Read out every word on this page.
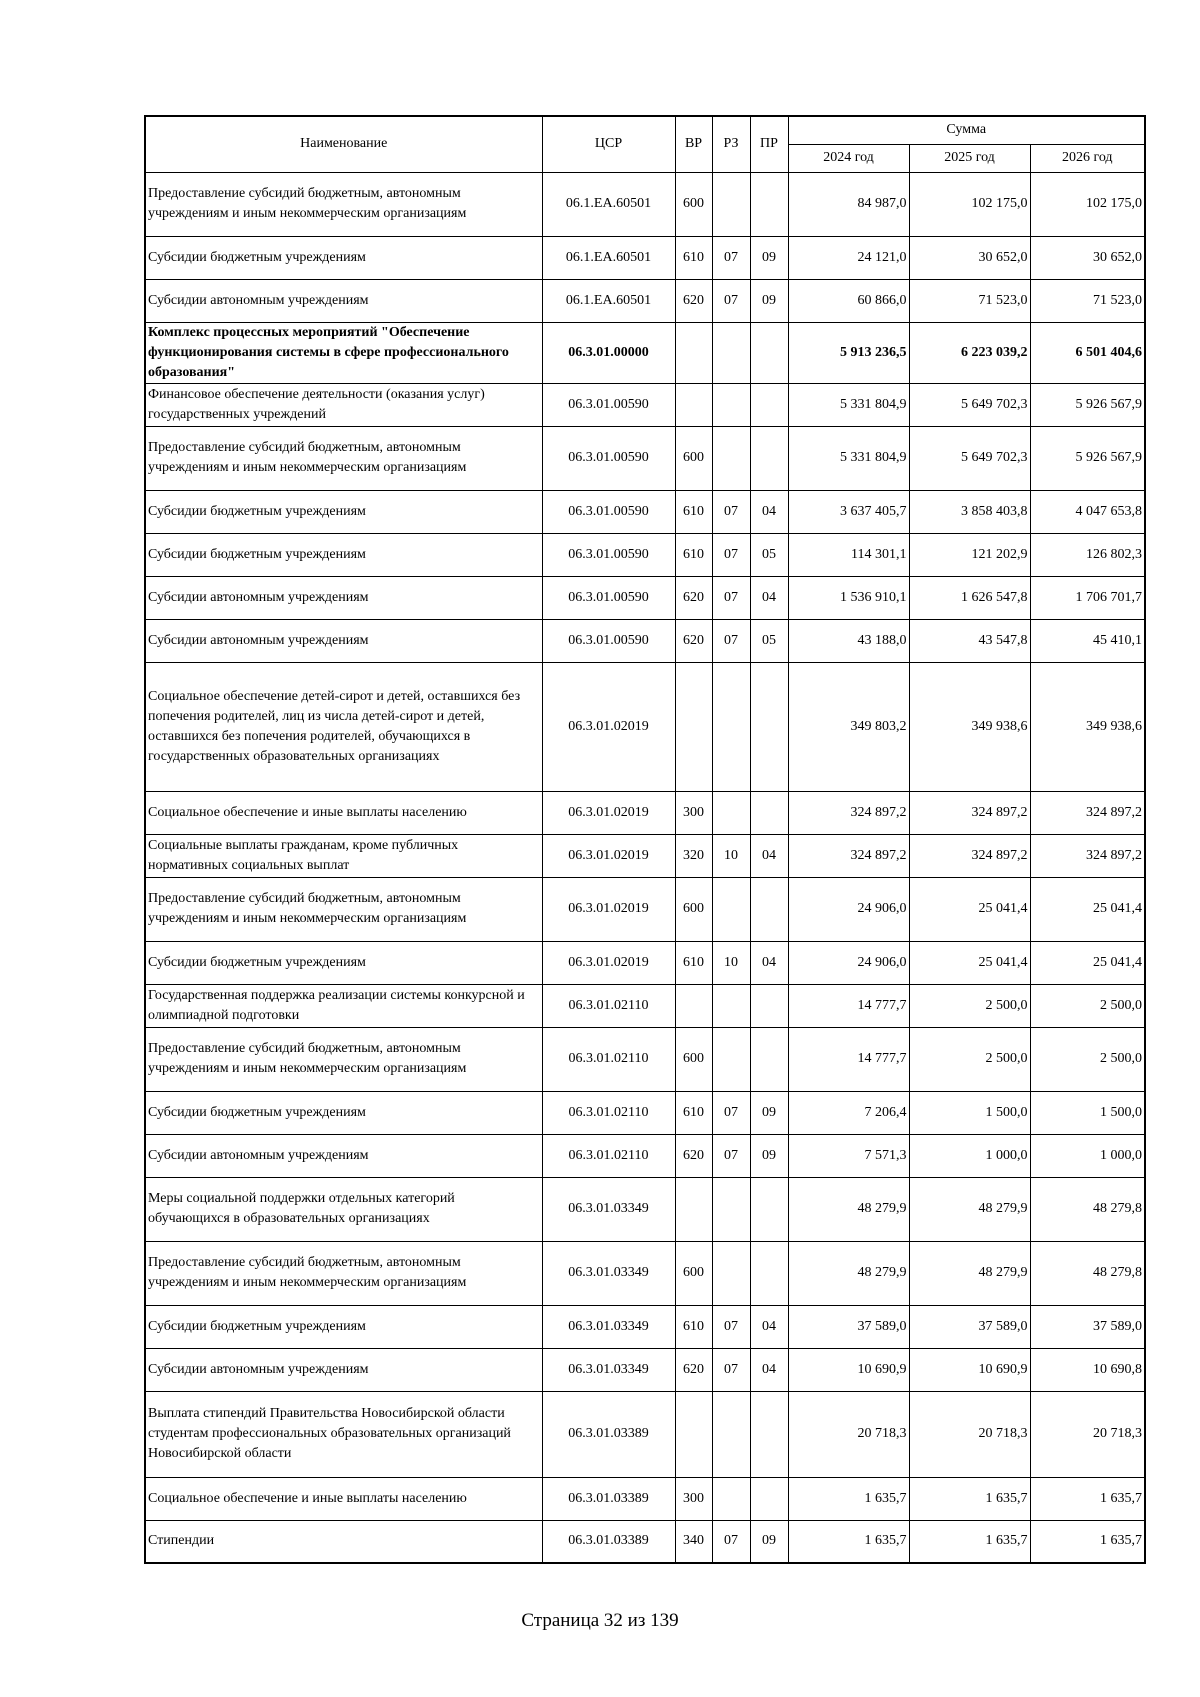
Наименование	ЦСР	ВР	РЗ	ПР	Сумма		
					2024 год	2025 год	2026 год
Предоставление субсидий бюджетным, автономным учреждениям и иным некоммерческим организациям	06.1.EA.60501	600			84 987,0	102 175,0	102 175,0
Субсидии бюджетным учреждениям	06.1.EA.60501	610	07	09	24 121,0	30 652,0	30 652,0
Субсидии автономным учреждениям	06.1.EA.60501	620	07	09	60 866,0	71 523,0	71 523,0
Комплекс процессных мероприятий "Обеспечение функционирования системы в сфере профессионального образования"	06.3.01.00000				5 913 236,5	6 223 039,2	6 501 404,6
Финансовое обеспечение деятельности (оказания услуг) государственных учреждений	06.3.01.00590				5 331 804,9	5 649 702,3	5 926 567,9
Предоставление субсидий бюджетным, автономным учреждениям и иным некоммерческим организациям	06.3.01.00590	600			5 331 804,9	5 649 702,3	5 926 567,9
Субсидии бюджетным учреждениям	06.3.01.00590	610	07	04	3 637 405,7	3 858 403,8	4 047 653,8
Субсидии бюджетным учреждениям	06.3.01.00590	610	07	05	114 301,1	121 202,9	126 802,3
Субсидии автономным учреждениям	06.3.01.00590	620	07	04	1 536 910,1	1 626 547,8	1 706 701,7
Субсидии автономным учреждениям	06.3.01.00590	620	07	05	43 188,0	43 547,8	45 410,1
Социальное обеспечение детей-сирот и детей, оставшихся без попечения родителей, лиц из числа детей-сирот и детей, оставшихся без попечения родителей, обучающихся в государственных образовательных организациях	06.3.01.02019				349 803,2	349 938,6	349 938,6
Социальное обеспечение и иные выплаты населению	06.3.01.02019	300			324 897,2	324 897,2	324 897,2
Социальные выплаты гражданам, кроме публичных нормативных социальных выплат	06.3.01.02019	320	10	04	324 897,2	324 897,2	324 897,2
Предоставление субсидий бюджетным, автономным учреждениям и иным некоммерческим организациям	06.3.01.02019	600			24 906,0	25 041,4	25 041,4
Субсидии бюджетным учреждениям	06.3.01.02019	610	10	04	24 906,0	25 041,4	25 041,4
Государственная поддержка реализации системы конкурсной и олимпиадной подготовки	06.3.01.02110				14 777,7	2 500,0	2 500,0
Предоставление субсидий бюджетным, автономным учреждениям и иным некоммерческим организациям	06.3.01.02110	600			14 777,7	2 500,0	2 500,0
Субсидии бюджетным учреждениям	06.3.01.02110	610	07	09	7 206,4	1 500,0	1 500,0
Субсидии автономным учреждениям	06.3.01.02110	620	07	09	7 571,3	1 000,0	1 000,0
Меры социальной поддержки отдельных категорий обучающихся в образовательных организациях	06.3.01.03349				48 279,9	48 279,9	48 279,8
Предоставление субсидий бюджетным, автономным учреждениям и иным некоммерческим организациям	06.3.01.03349	600			48 279,9	48 279,9	48 279,8
Субсидии бюджетным учреждениям	06.3.01.03349	610	07	04	37 589,0	37 589,0	37 589,0
Субсидии автономным учреждениям	06.3.01.03349	620	07	04	10 690,9	10 690,9	10 690,8
Выплата стипендий Правительства Новосибирской области студентам профессиональных образовательных организаций Новосибирской области	06.3.01.03389				20 718,3	20 718,3	20 718,3
Социальное обеспечение и иные выплаты населению	06.3.01.03389	300			1 635,7	1 635,7	1 635,7
Стипендии	06.3.01.03389	340	07	09	1 635,7	1 635,7	1 635,7
Страница 32 из 139
